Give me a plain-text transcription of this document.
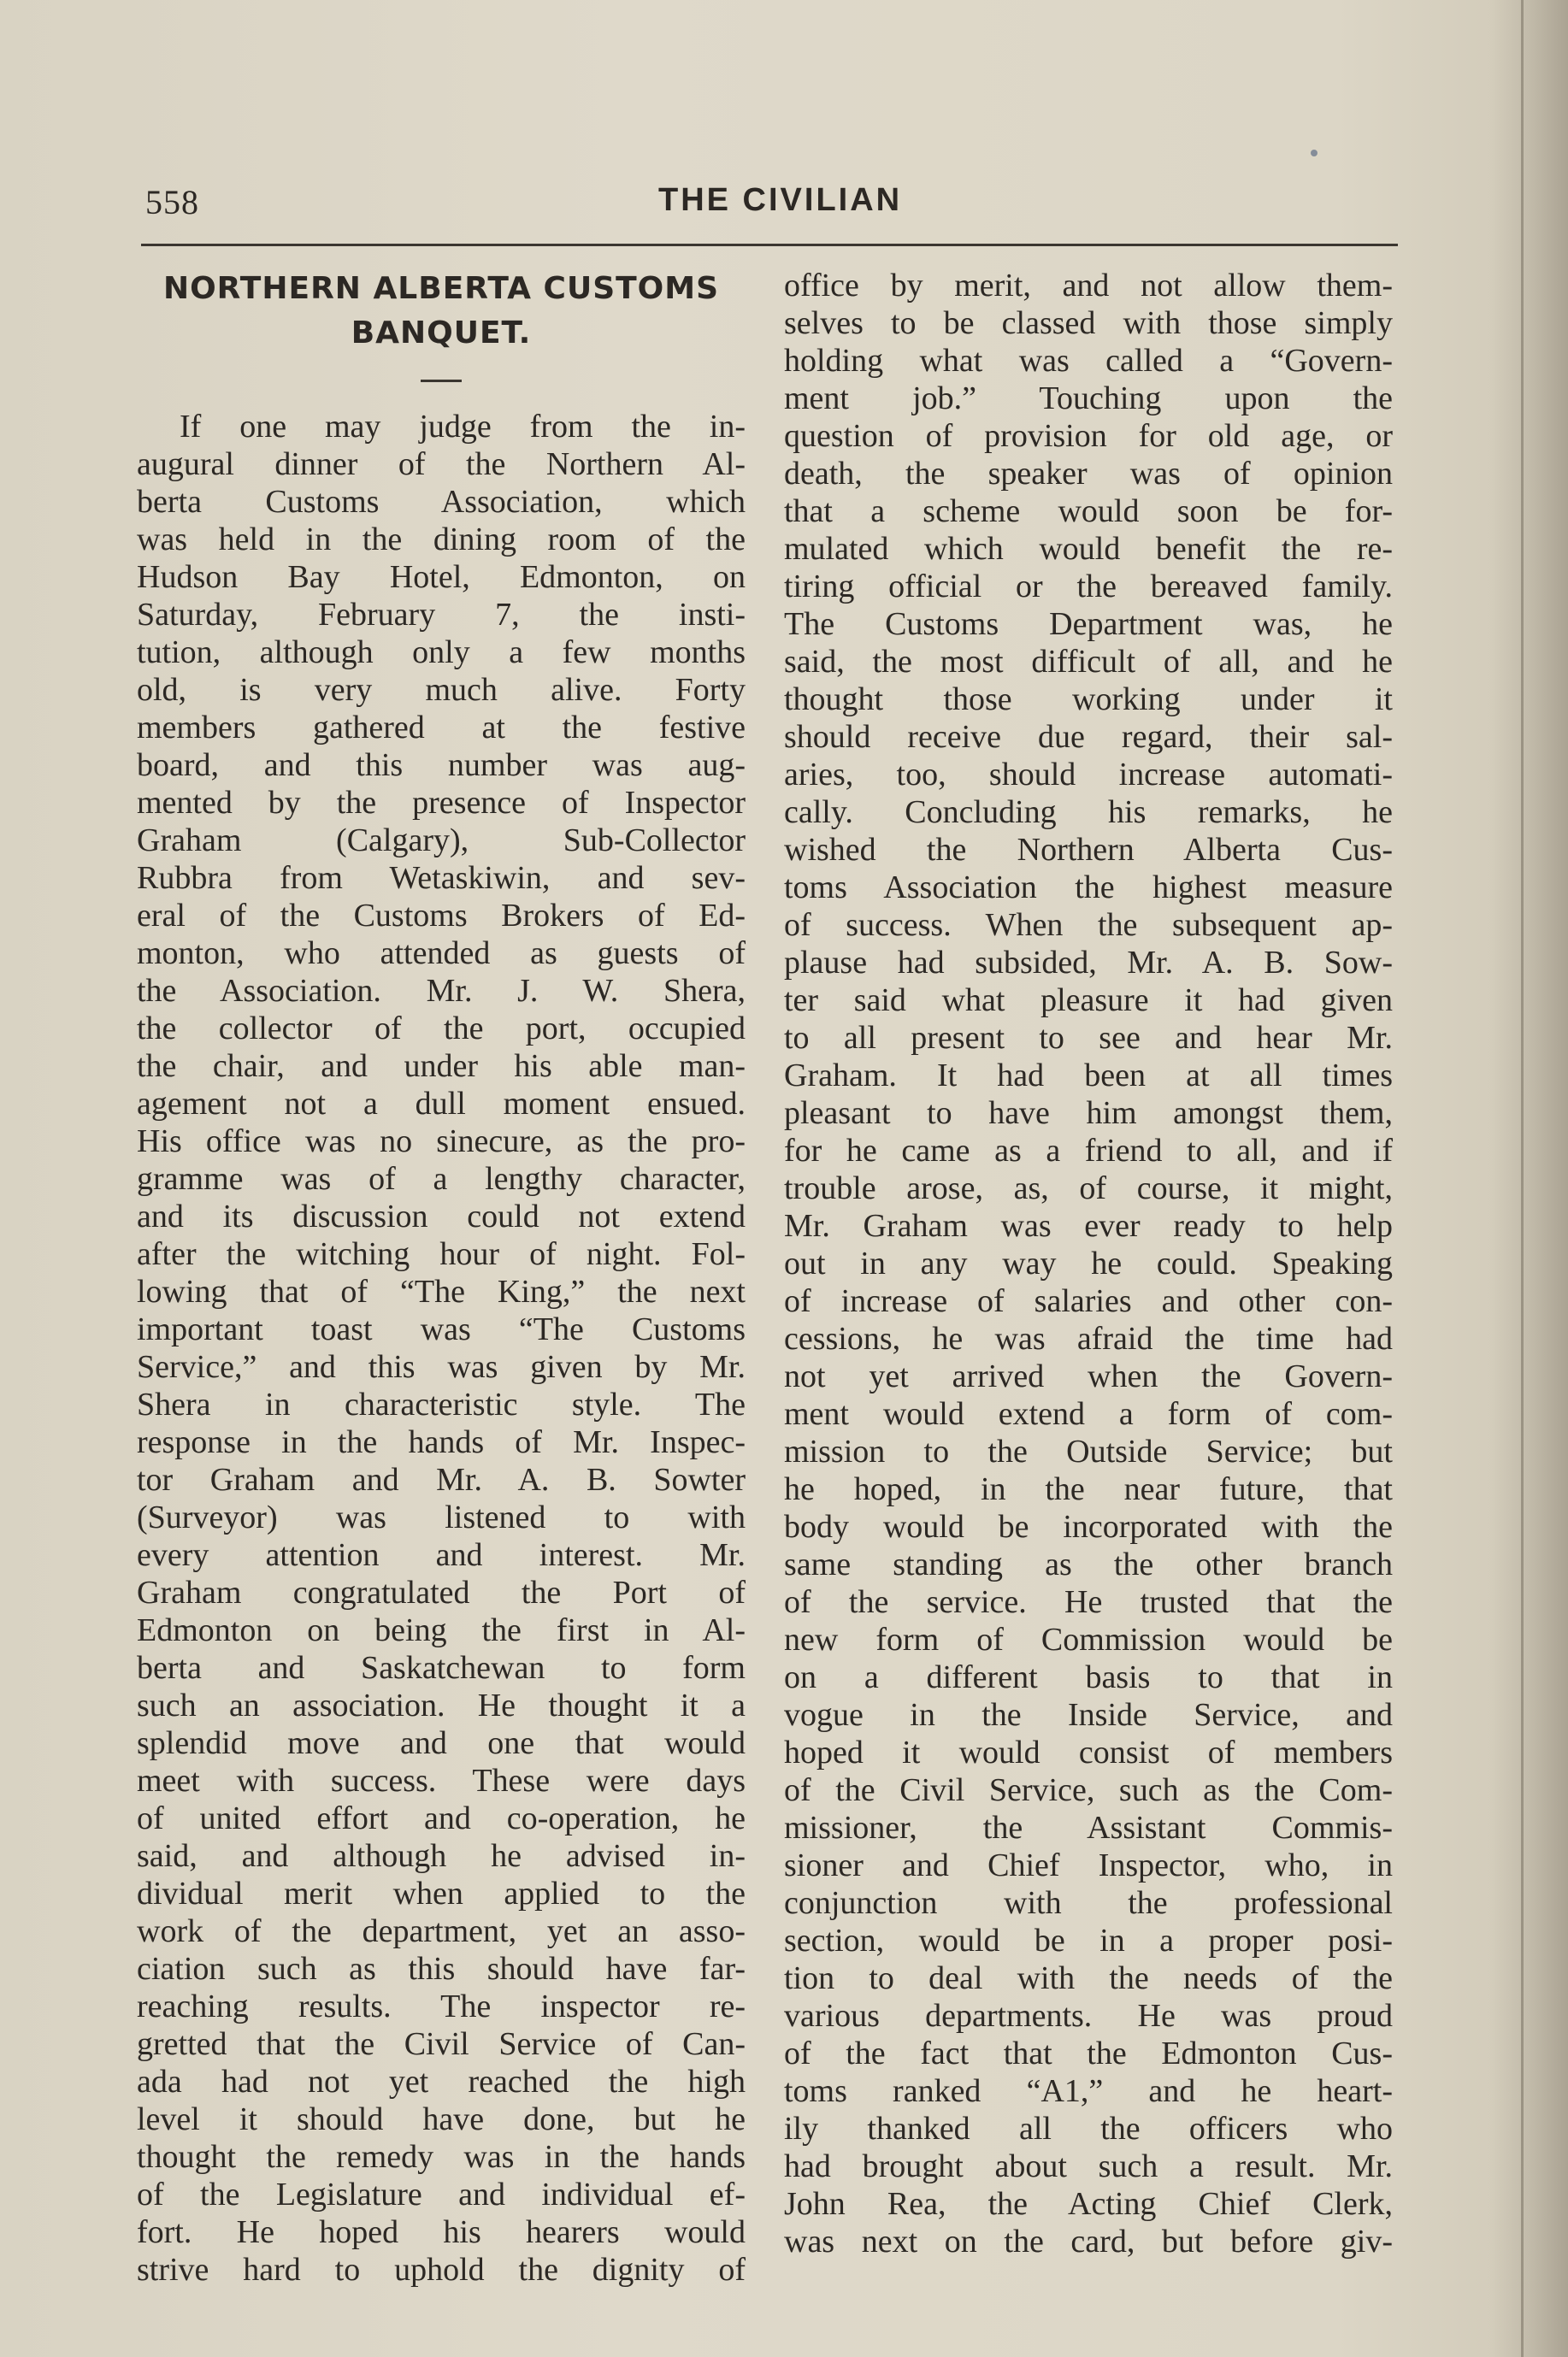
558	THE CIVILIAN
NORTHERN ALBERTA CUSTOMS
BANQUET.
If one may judge from the in-
augural dinner of the Northern Al-
berta Customs Association, which
was held in the dining room of the
Hudson Bay Hotel, Edmonton, on
Saturday, February 7, the insti-
tution, although only a few months
old, is very much alive. Forty
members gathered at the festive
board, and this number was aug-
mented by the presence of Inspector
Graham (Calgary), Sub-Collector
Rubbra from Wetaskiwin, and sev-
eral of the Customs Brokers of Ed-
monton, who attended as guests of
the Association. Mr. J. W. Shera,
the collector of the port, occupied
the chair, and under his able man-
agement not a dull moment ensued.
His office was no sinecure, as the pro-
gramme was of a lengthy character,
and its discussion could not extend
after the witching hour of night. Fol-
lowing that of “The King,” the next
important toast was “The Customs
Service,” and this was given by Mr.
Shera in characteristic style. The
response in the hands of Mr. Inspec-
tor Graham and Mr. A. B. Sowter
(Surveyor) was listened to with
every attention and interest. Mr.
Graham congratulated the Port of
Edmonton on being the first in Al-
berta and Saskatchewan to form
such an association. He thought it a
splendid move and one that would
meet with success. These were days
of united effort and co-operation, he
said, and although he advised in-
dividual merit when applied to the
work of the department, yet an asso-
ciation such as this should have far-
reaching results. The inspector re-
gretted that the Civil Service of Can-
ada had not yet reached the high
level it should have done, but he
thought the remedy was in the hands
of the Legislature and individual ef-
fort. He hoped his hearers would
strive hard to uphold the dignity of
office by merit, and not allow them-
selves to be classed with those simply
holding what was called a “Govern-
ment job.” Touching upon the
question of provision for old age, or
death, the speaker was of opinion
that a scheme would soon be for-
mulated which would benefit the re-
tiring official or the bereaved family.
The Customs Department was, he
said, the most difficult of all, and he
thought those working under it
should receive due regard, their sal-
aries, too, should increase automati-
cally. Concluding his remarks, he
wished the Northern Alberta Cus-
toms Association the highest measure
of success. When the subsequent ap-
plause had subsided, Mr. A. B. Sow-
ter said what pleasure it had given
to all present to see and hear Mr.
Graham. It had been at all times
pleasant to have him amongst them,
for he came as a friend to all, and if
trouble arose, as, of course, it might,
Mr. Graham was ever ready to help
out in any way he could. Speaking
of increase of salaries and other con-
cessions, he was afraid the time had
not yet arrived when the Govern-
ment would extend a form of com-
mission to the Outside Service; but
he hoped, in the near future, that
body would be incorporated with the
same standing as the other branch
of the service. He trusted that the
new form of Commission would be
on a different basis to that in
vogue in the Inside Service, and
hoped it would consist of members
of the Civil Service, such as the Com-
missioner, the Assistant Commis-
sioner and Chief Inspector, who, in
conjunction with the professional
section, would be in a proper posi-
tion to deal with the needs of the
various departments. He was proud
of the fact that the Edmonton Cus-
toms ranked “A1,” and he heart-
ily thanked all the officers who
had brought about such a result. Mr.
John Rea, the Acting Chief Clerk,
was next on the card, but before giv-
